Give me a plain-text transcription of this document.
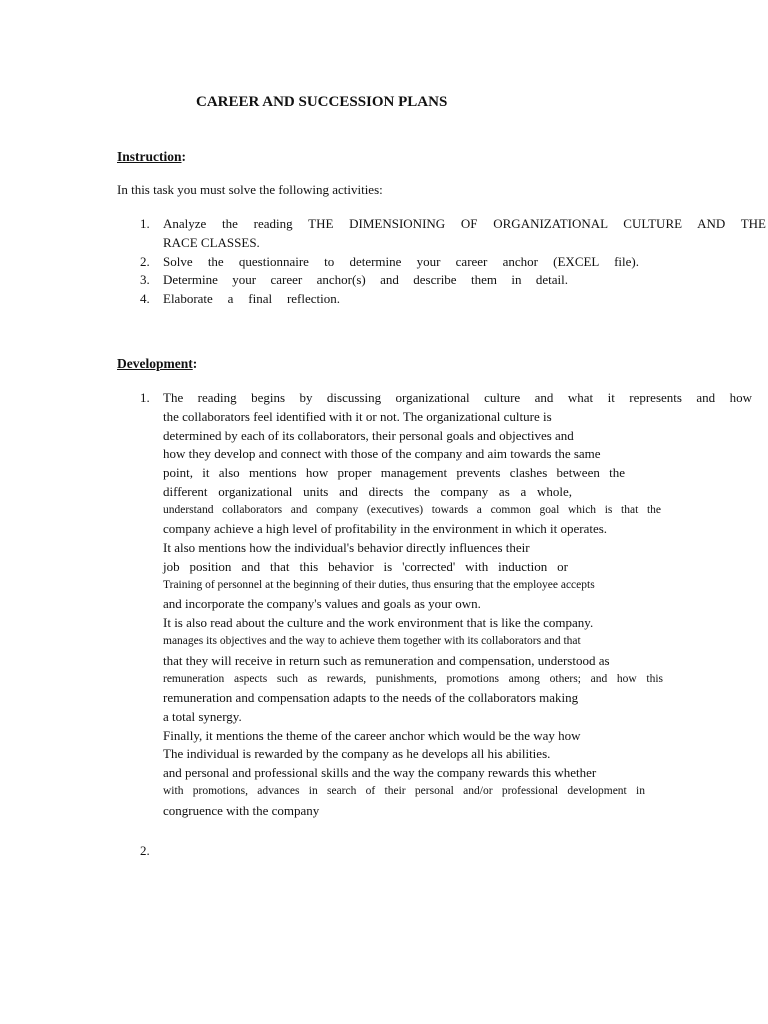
CAREER AND SUCCESSION PLANS
Instruction:
In this task you must solve the following activities:
1. Analyze the reading THE DIMENSIONING OF ORGANIZATIONAL CULTURE AND THE
RACE CLASSES.
2. Solve the questionnaire to determine your career anchor (EXCEL file).
3. Determine your career anchor(s) and describe them in detail.
4. Elaborate a final reflection.
Development:
1. The reading begins by discussing organizational culture and what it represents and how
the collaborators feel identified with it or not. The organizational culture is
determined by each of its collaborators, their personal goals and objectives and
how they develop and connect with those of the company and aim towards the same
point, it also mentions how proper management prevents clashes between the
different organizational units and directs the company as a whole,
understand collaborators and company (executives) towards a common goal which is that the
company achieve a high level of profitability in the environment in which it operates.
It also mentions how the individual's behavior directly influences their
job position and that this behavior is 'corrected' with induction or
Training of personnel at the beginning of their duties, thus ensuring that the employee accepts
and incorporate the company's values and goals as your own.
It is also read about the culture and the work environment that is like the company.
manages its objectives and the way to achieve them together with its collaborators and that
that they will receive in return such as remuneration and compensation, understood as
remuneration aspects such as rewards, punishments, promotions among others; and how this
remuneration and compensation adapts to the needs of the collaborators making
a total synergy.
Finally, it mentions the theme of the career anchor which would be the way how
The individual is rewarded by the company as he develops all his abilities.
and personal and professional skills and the way the company rewards this whether
with promotions, advances in search of their personal and/or professional development in
congruence with the company
2.
